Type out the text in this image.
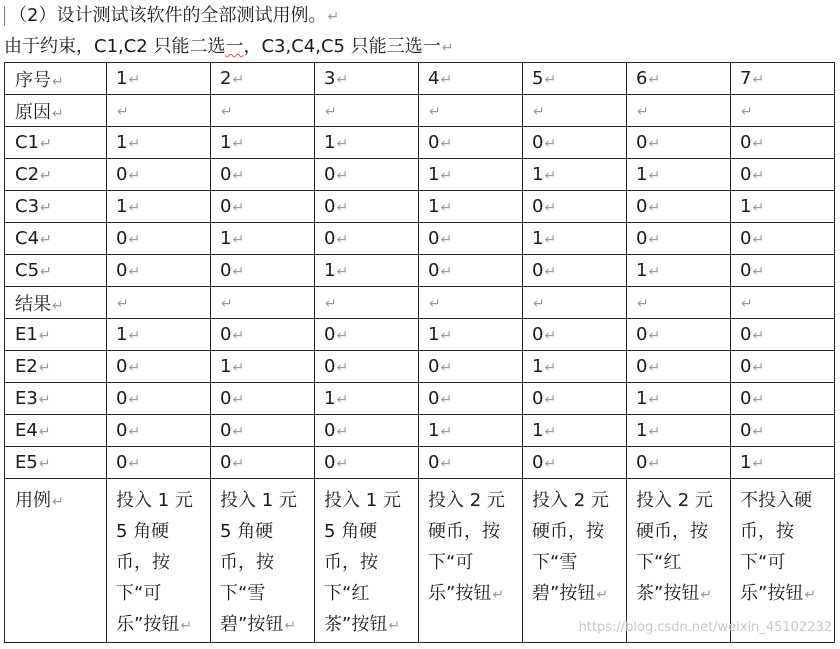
（2）设计测试该软件的全部测试用例。↵
由于约束，C1,C2 只能二选一，C3,C4,C5 只能三选一↵
序号↵	1↵	2↵	3↵	4↵	5↵	6↵	7↵
原因↵	↵	↵	↵	↵	↵	↵	↵
C1↵	1↵	1↵	1↵	0↵	0↵	0↵	0↵
C2↵	0↵	0↵	0↵	1↵	1↵	1↵	0↵
C3↵	1↵	0↵	0↵	1↵	0↵	0↵	1↵
C4↵	0↵	1↵	0↵	0↵	1↵	0↵	0↵
C5↵	0↵	0↵	1↵	0↵	0↵	1↵	0↵
结果↵	↵	↵	↵	↵	↵	↵	↵
E1↵	1↵	0↵	0↵	1↵	0↵	0↵	0↵
E2↵	0↵	1↵	0↵	0↵	1↵	0↵	0↵
E3↵	0↵	0↵	1↵	0↵	0↵	1↵	0↵
E4↵	0↵	0↵	0↵	1↵	1↵	1↵	0↵
E5↵	0↵	0↵	0↵	0↵	0↵	0↵	1↵
用例↵	投入 1 元 5 角硬币，按下“可乐”按钮↵	投入 1 元 5 角硬币，按下“雪碧”按钮↵	投入 1 元 5 角硬币，按下“红茶”按钮↵	投入 2 元硬币，按下“可乐”按钮↵	投入 2 元硬币，按下“雪碧”按钮↵	投入 2 元硬币，按下“红茶”按钮↵	不投入硬币，按下“可乐”按钮↵
https://blog.csdn.net/weixin_45102232
